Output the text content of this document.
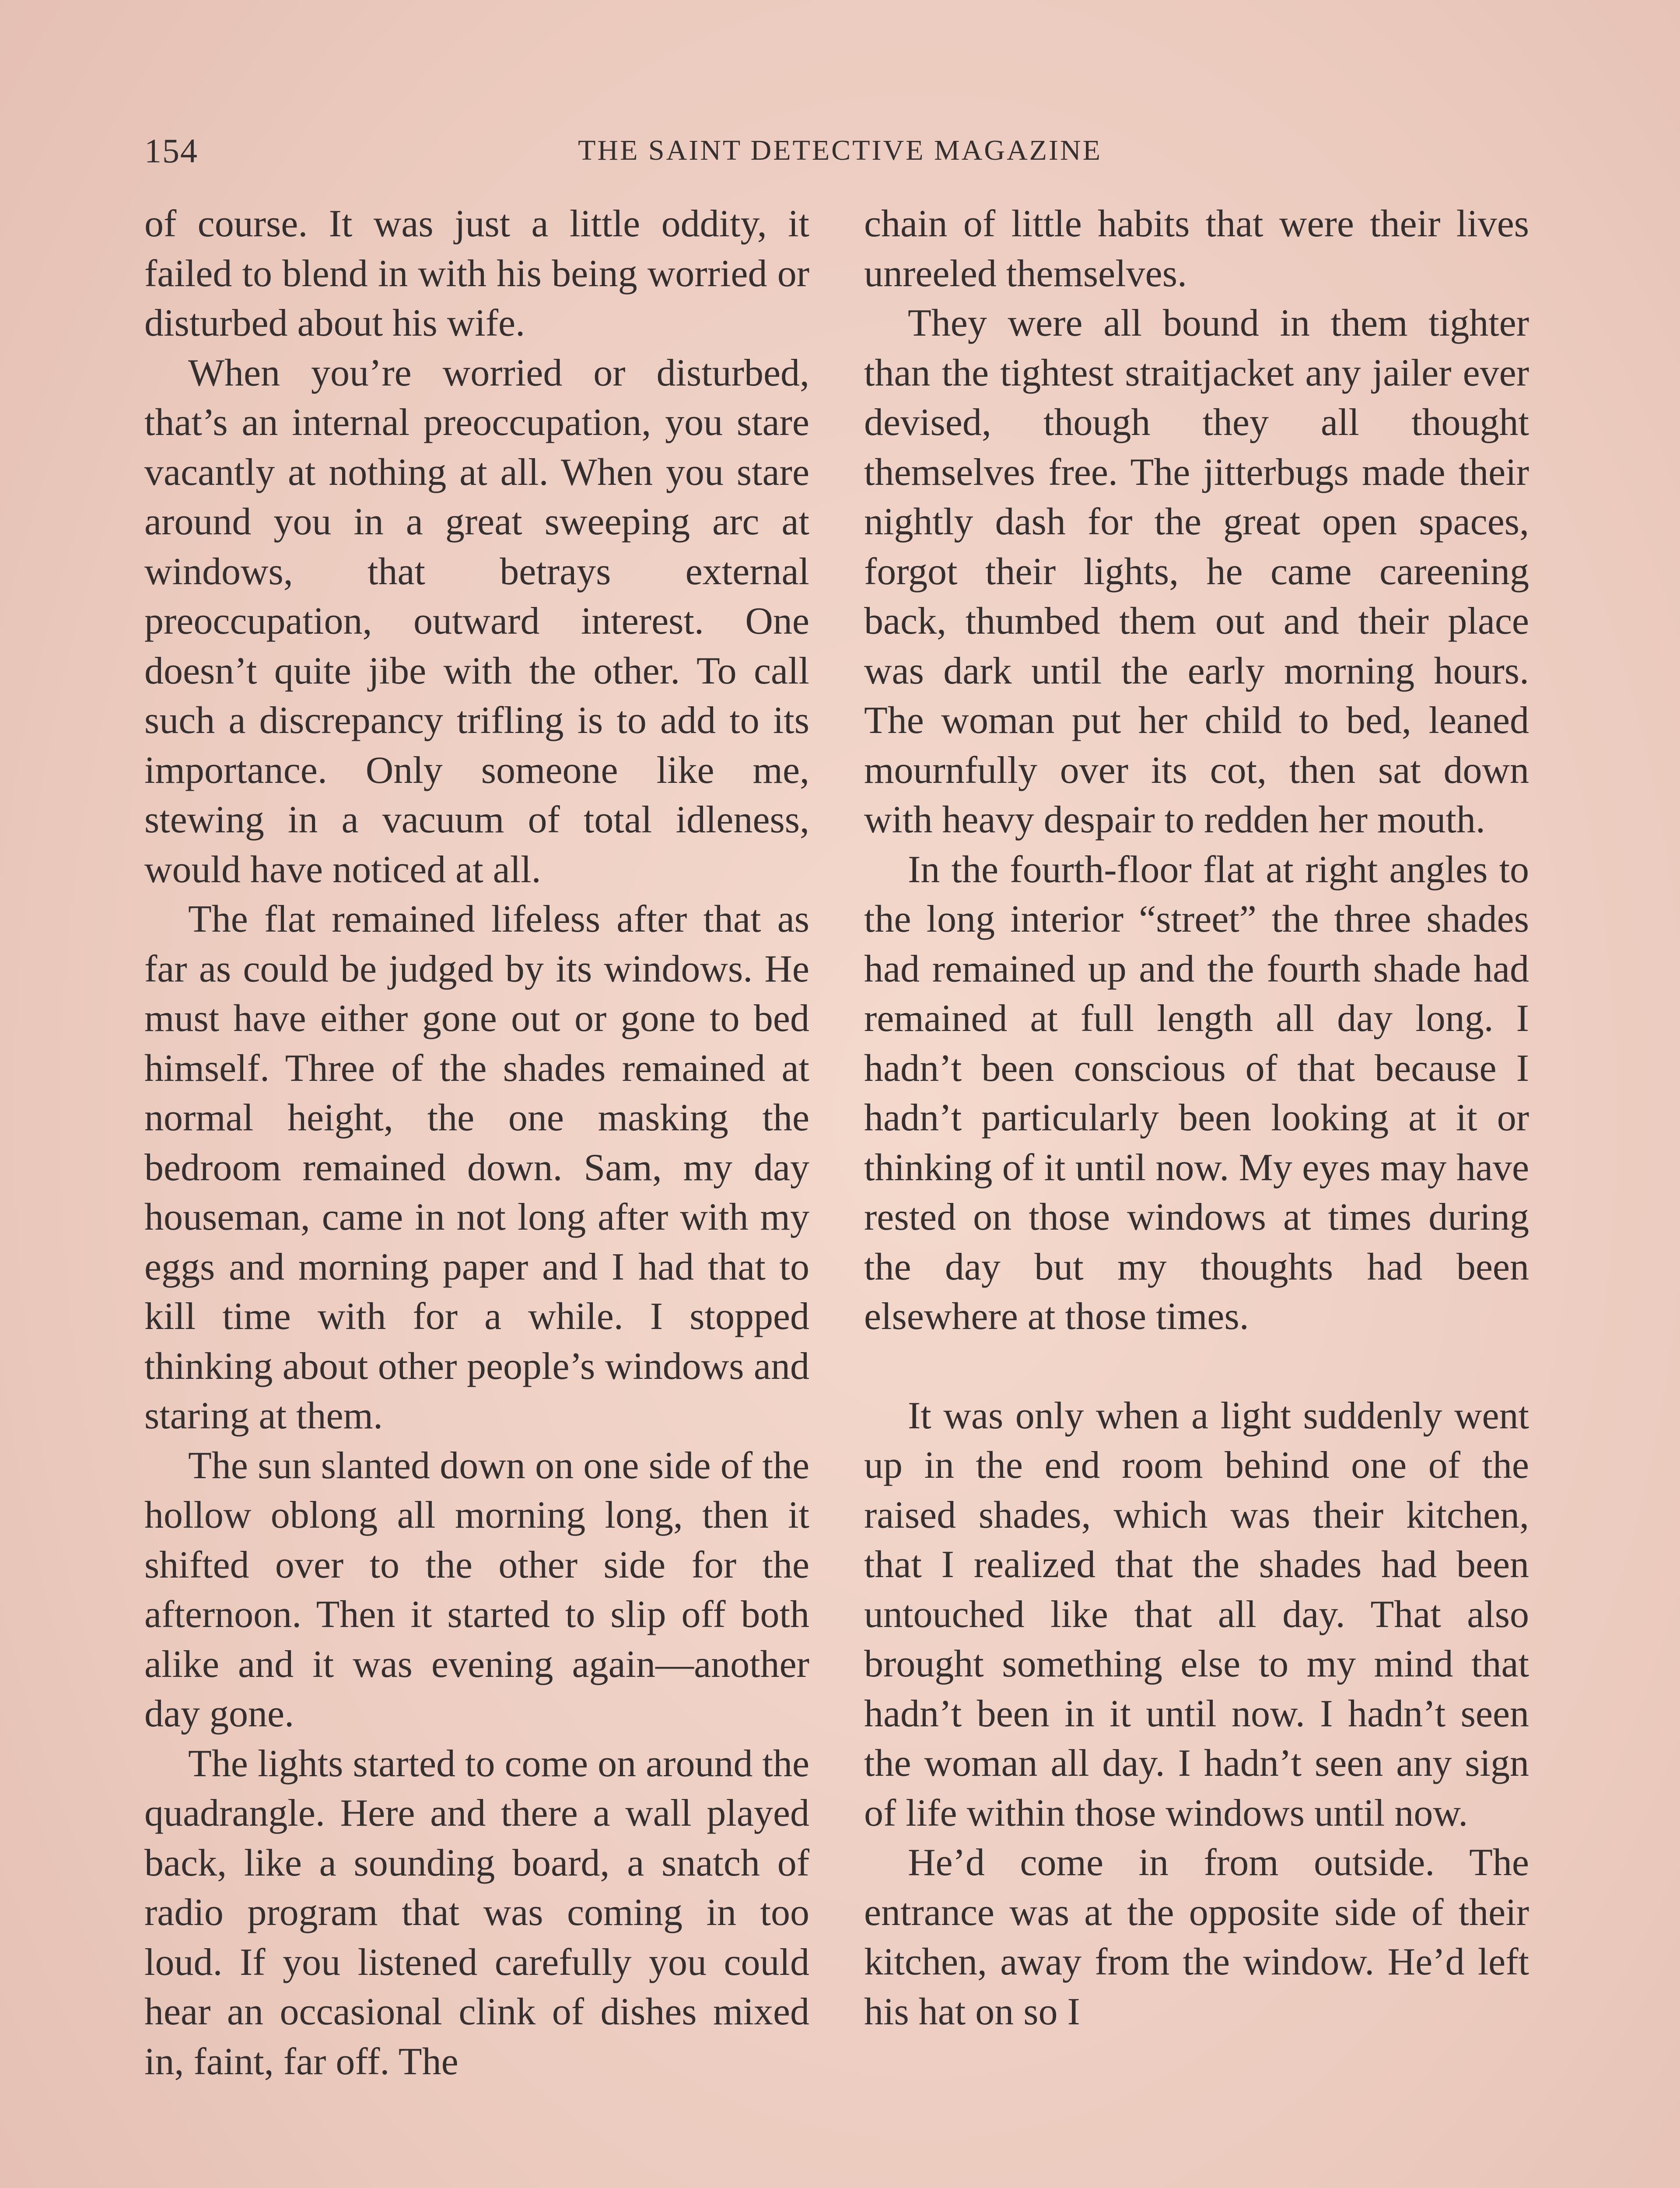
154	THE SAINT DETECTIVE MAGAZINE

of course. It was just a little oddity, it failed to blend in with his being worried or disturbed about his wife.

When you’re worried or disturbed, that’s an internal preoccupation, you stare vacantly at nothing at all. When you stare around you in a great sweeping arc at windows, that betrays external preoccupation, outward interest. One doesn’t quite jibe with the other. To call such a discrepancy trifling is to add to its importance. Only someone like me, stewing in a vacuum of total idleness, would have noticed at all.

The flat remained lifeless after that as far as could be judged by its windows. He must have either gone out or gone to bed himself. Three of the shades remained at normal height, the one masking the bedroom remained down. Sam, my day houseman, came in not long after with my eggs and morning paper and I had that to kill time with for a while. I stopped thinking about other people’s windows and staring at them.

The sun slanted down on one side of the hollow oblong all morning long, then it shifted over to the other side for the afternoon. Then it started to slip off both alike and it was evening again—another day gone.

The lights started to come on around the quadrangle. Here and there a wall played back, like a sounding board, a snatch of radio program that was coming in too loud. If you listened carefully you could hear an occasional clink of dishes mixed in, faint, far off. The

chain of little habits that were their lives unreeled themselves.

They were all bound in them tighter than the tightest straitjacket any jailer ever devised, though they all thought themselves free. The jitterbugs made their nightly dash for the great open spaces, forgot their lights, he came careening back, thumbed them out and their place was dark until the early morning hours. The woman put her child to bed, leaned mournfully over its cot, then sat down with heavy despair to redden her mouth.

In the fourth-floor flat at right angles to the long interior “street” the three shades had remained up and the fourth shade had remained at full length all day long. I hadn’t been conscious of that because I hadn’t particularly been looking at it or thinking of it until now. My eyes may have rested on those windows at times during the day but my thoughts had been elsewhere at those times.

It was only when a light suddenly went up in the end room behind one of the raised shades, which was their kitchen, that I realized that the shades had been untouched like that all day. That also brought something else to my mind that hadn’t been in it until now. I hadn’t seen the woman all day. I hadn’t seen any sign of life within those windows until now.

He’d come in from outside. The entrance was at the opposite side of their kitchen, away from the window. He’d left his hat on so I
